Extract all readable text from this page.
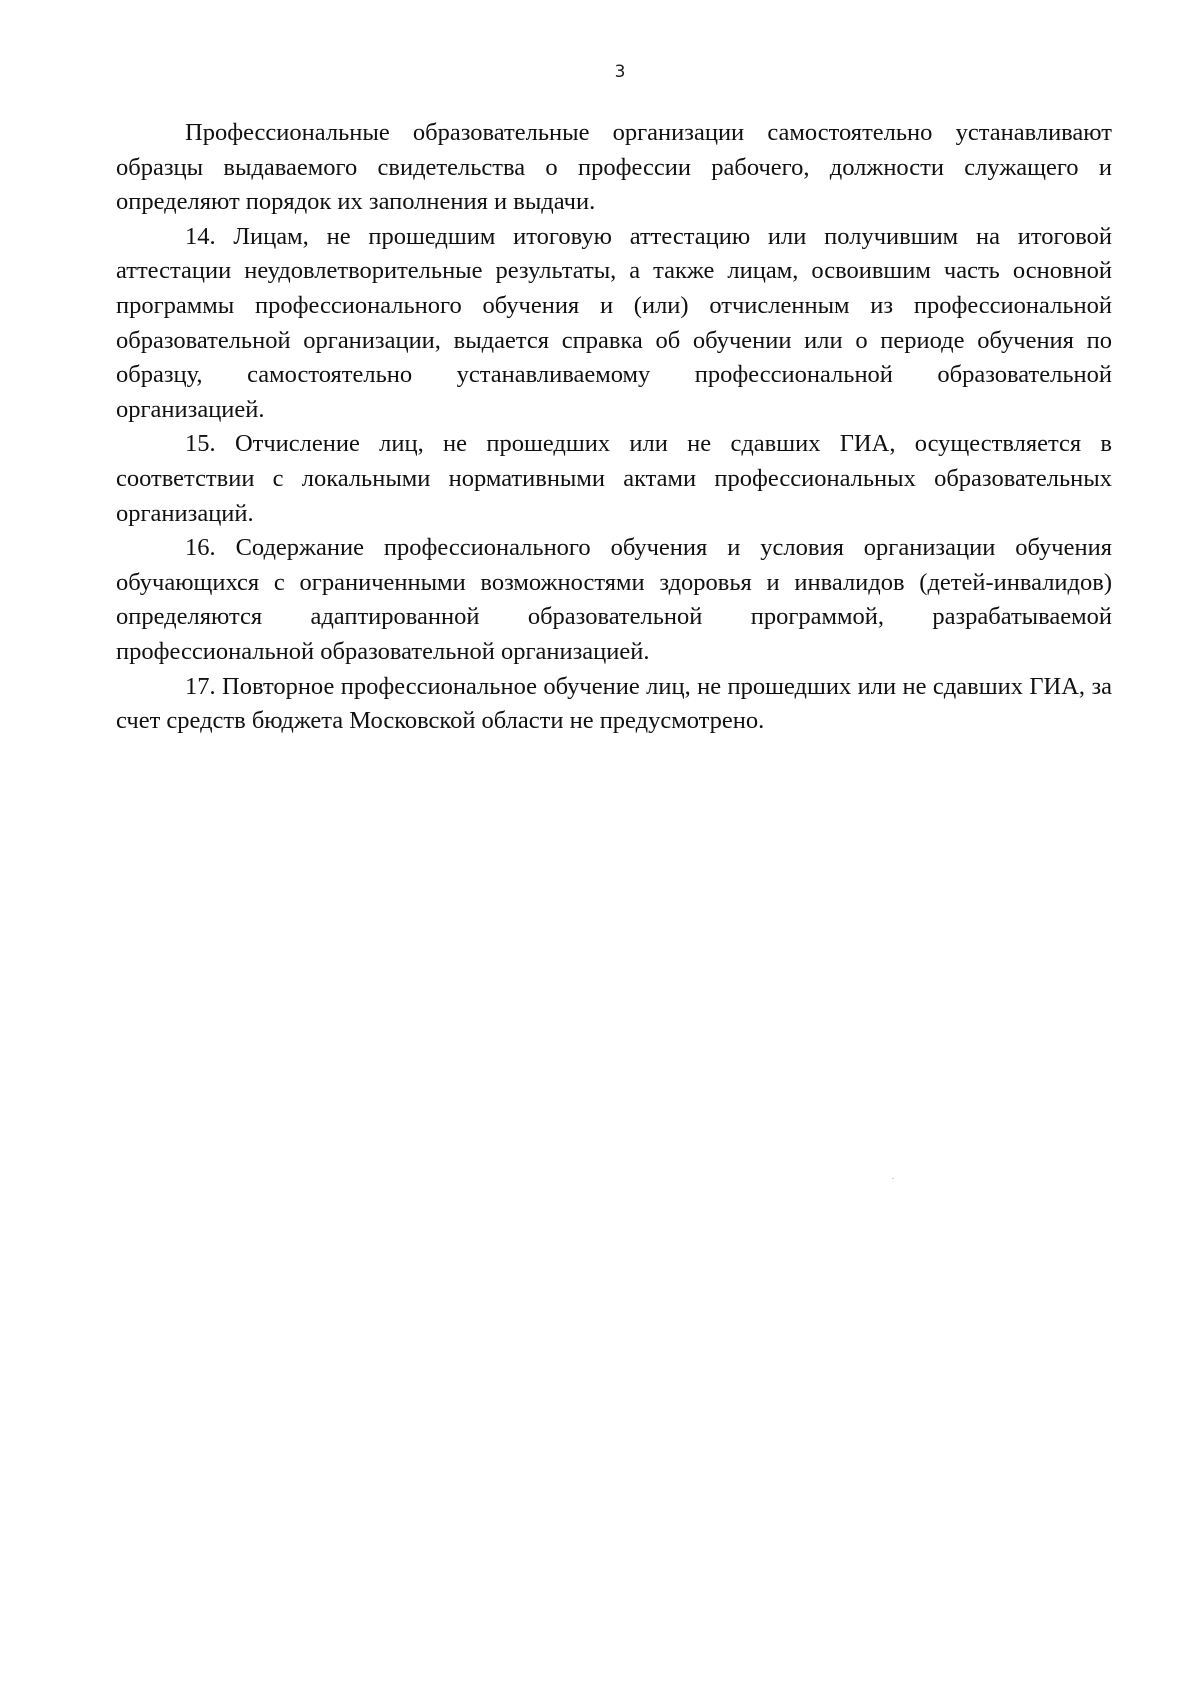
3

Профессиональные образовательные организации самостоятельно устанавливают образцы выдаваемого свидетельства о профессии рабочего, должности служащего и определяют порядок их заполнения и выдачи.

14. Лицам, не прошедшим итоговую аттестацию или получившим на итоговой аттестации неудовлетворительные результаты, а также лицам, освоившим часть основной программы профессионального обучения и (или) отчисленным из профессиональной образовательной организации, выдается справка об обучении или о периоде обучения по образцу, самостоятельно устанавливаемому профессиональной образовательной организацией.

15. Отчисление лиц, не прошедших или не сдавших ГИА, осуществляется в соответствии с локальными нормативными актами профессиональных образовательных организаций.

16. Содержание профессионального обучения и условия организации обучения обучающихся с ограниченными возможностями здоровья и инвалидов (детей-инвалидов) определяются адаптированной образовательной программой, разрабатываемой профессиональной образовательной организацией.

17. Повторное профессиональное обучение лиц, не прошедших или не сдавших ГИА, за счет средств бюджета Московской области не предусмотрено.
